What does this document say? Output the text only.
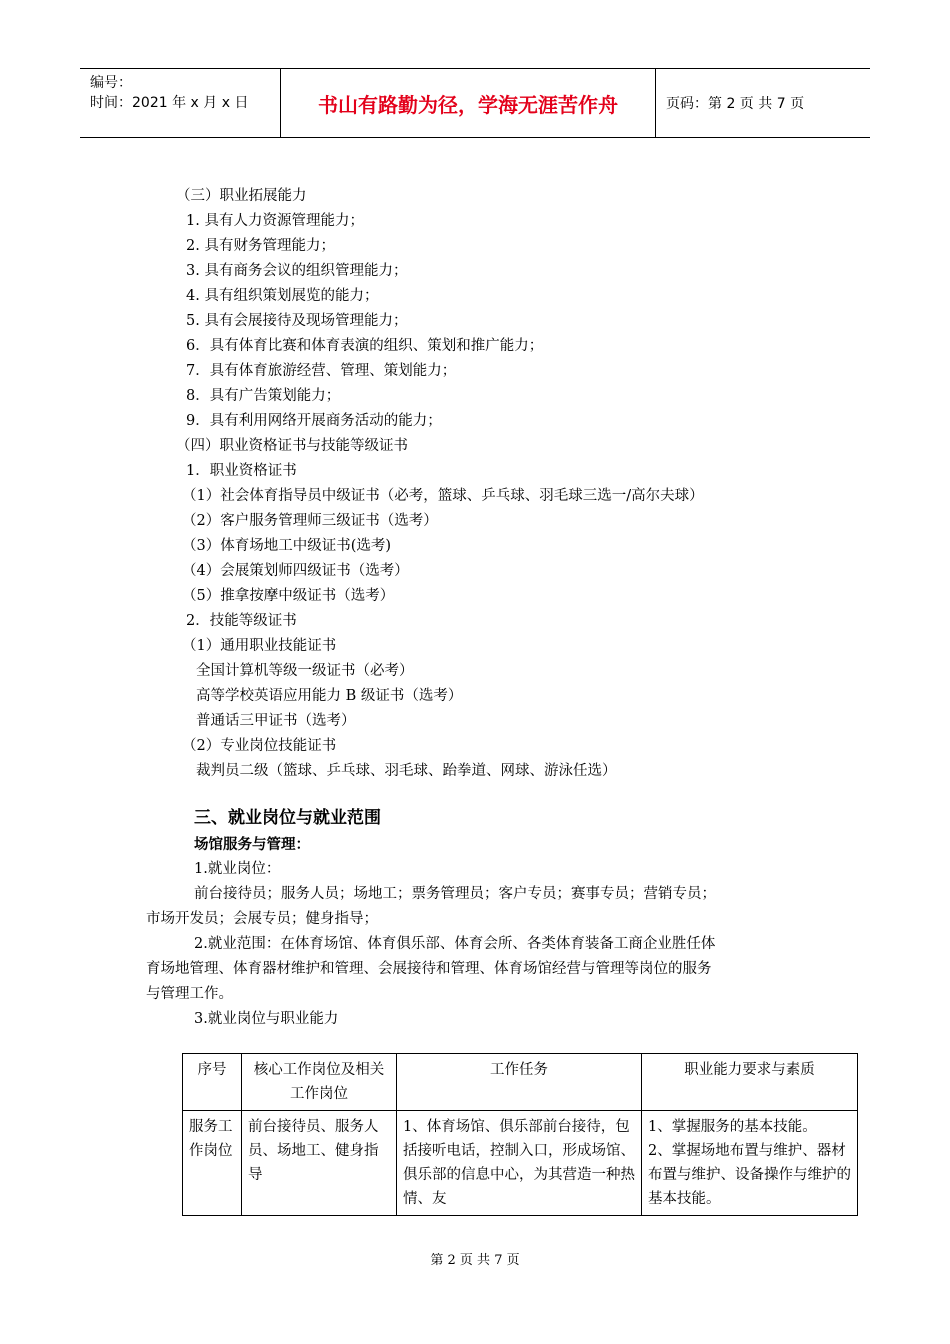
编号：
时间：2021 年 x 月 x 日	书山有路勤为径，学海无涯苦作舟	页码：第 2 页 共 7 页
（三）职业拓展能力
1. 具有人力资源管理能力；
2. 具有财务管理能力；
3. 具有商务会议的组织管理能力；
4. 具有组织策划展览的能力；
5. 具有会展接待及现场管理能力；
6．具有体育比赛和体育表演的组织、策划和推广能力；
7．具有体育旅游经营、管理、策划能力；
8．具有广告策划能力；
9．具有利用网络开展商务活动的能力；
（四）职业资格证书与技能等级证书
1．职业资格证书
（1）社会体育指导员中级证书（必考，篮球、乒乓球、羽毛球三选一/高尔夫球）
（2）客户服务管理师三级证书（选考）
（3）体育场地工中级证书(选考)
（4）会展策划师四级证书（选考）
（5）推拿按摩中级证书（选考）
2．技能等级证书
（1）通用职业技能证书
全国计算机等级一级证书（必考）
高等学校英语应用能力 B 级证书（选考）
普通话三甲证书（选考）
（2）专业岗位技能证书
裁判员二级（篮球、乒乓球、羽毛球、跆拳道、网球、游泳任选）
三、就业岗位与就业范围
场馆服务与管理：
1.就业岗位：
前台接待员；服务人员；场地工；票务管理员；客户专员；赛事专员；营销专员；
市场开发员；会展专员；健身指导；
2.就业范围：在体育场馆、体育俱乐部、体育会所、各类体育装备工商企业胜任体
育场地管理、体育器材维护和管理、会展接待和管理、体育场馆经营与管理等岗位的服务
与管理工作。
3.就业岗位与职业能力
序号	核心工作岗位及相关工作岗位	工作任务	职业能力要求与素质
服务工作岗位	前台接待员、服务人员、场地工、健身指导	1、体育场馆、俱乐部前台接待，包括接听电话，控制入口，形成场馆、俱乐部的信息中心，为其营造一种热情、友	1、掌握服务的基本技能。
2、掌握场地布置与维护、器材布置与维护、设备操作与维护的基本技能。
第 2 页 共 7 页
